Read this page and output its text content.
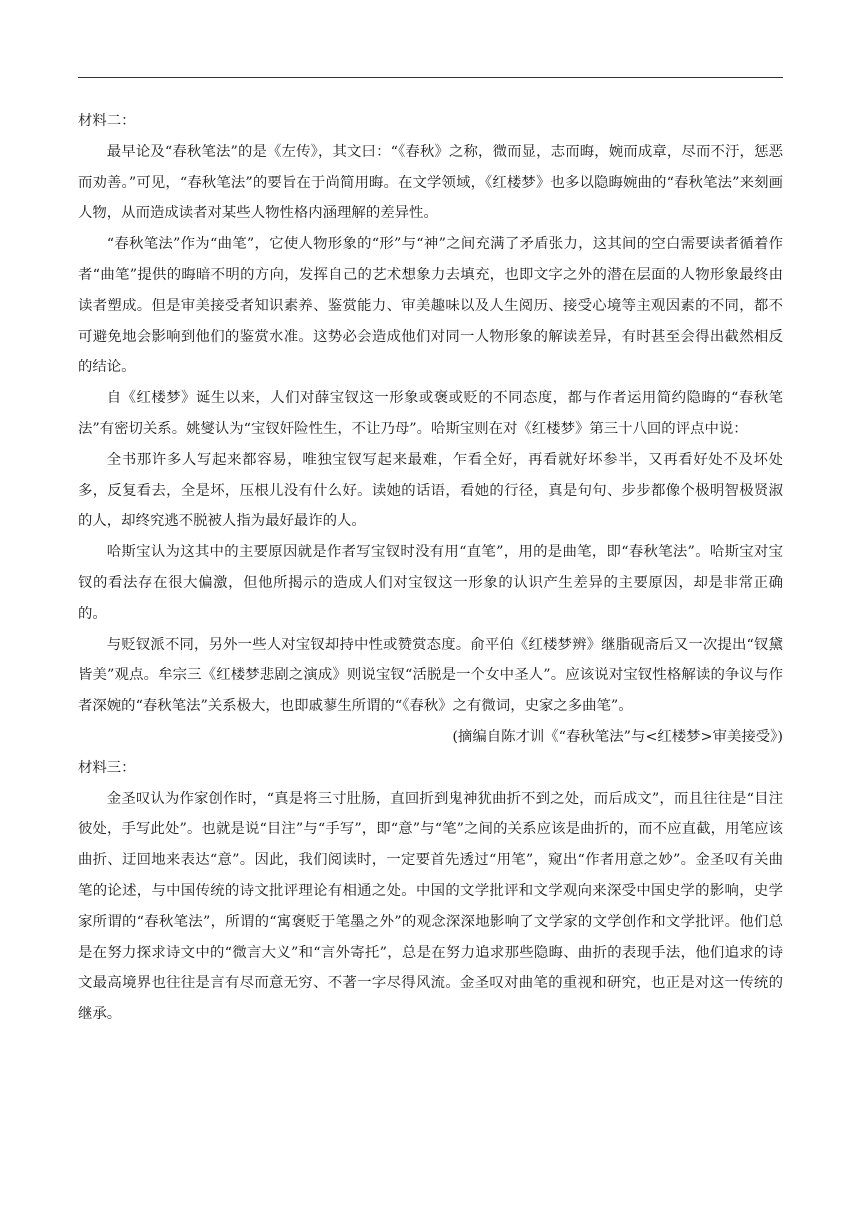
材料二：

最早论及“春秋笔法”的是《左传》，其文曰：“《春秋》之称，微而显，志而晦，婉而成章，尽而不汙，惩恶而劝善。”可见，“春秋笔法”的要旨在于尚简用晦。在文学领域，《红楼梦》也多以隐晦婉曲的“春秋笔法”来刻画人物，从而造成读者对某些人物性格内涵理解的差异性。

“春秋笔法”作为“曲笔”，它使人物形象的“形”与“神”之间充满了矛盾张力，这其间的空白需要读者循着作者“曲笔”提供的晦暗不明的方向，发挥自己的艺术想象力去填充，也即文字之外的潜在层面的人物形象最终由读者塑成。但是审美接受者知识素养、鉴赏能力、审美趣味以及人生阅历、接受心境等主观因素的不同，都不可避免地会影响到他们的鉴赏水准。这势必会造成他们对同一人物形象的解读差异，有时甚至会得出截然相反的结论。

自《红楼梦》诞生以来，人们对薛宝钗这一形象或褒或贬的不同态度，都与作者运用简约隐晦的“春秋笔法”有密切关系。姚燮认为“宝钗奸险性生，不让乃母”。哈斯宝则在对《红楼梦》第三十八回的评点中说：

全书那许多人写起来都容易，唯独宝钗写起来最难，乍看全好，再看就好坏参半，又再看好处不及坏处多，反复看去，全是坏，压根儿没有什么好。读她的话语，看她的行径，真是句句、步步都像个极明智极贤淑的人，却终究逃不脱被人指为最好最诈的人。

哈斯宝认为这其中的主要原因就是作者写宝钗时没有用“直笔”，用的是曲笔，即“春秋笔法”。哈斯宝对宝钗的看法存在很大偏激，但他所揭示的造成人们对宝钗这一形象的认识产生差异的主要原因，却是非常正确的。

与贬钗派不同，另外一些人对宝钗却持中性或赞赏态度。俞平伯《红楼梦辨》继脂砚斋后又一次提出“钗黛皆美”观点。牟宗三《红楼梦悲剧之演成》则说宝钗“活脱是一个女中圣人”。应该说对宝钗性格解读的争议与作者深婉的“春秋笔法”关系极大，也即戚蓼生所谓的“《春秋》之有微词，史家之多曲笔”。

(摘编自陈才训《“春秋笔法”与<红楼梦>审美接受》)

材料三：

金圣叹认为作家创作时，“真是将三寸肚肠，直回折到鬼神犹曲折不到之处，而后成文”，而且往往是“目注彼处，手写此处”。也就是说“目注”与“手写”，即“意”与“笔”之间的关系应该是曲折的，而不应直截，用笔应该曲折、迂回地来表达“意”。因此，我们阅读时，一定要首先透过“用笔”，窥出“作者用意之妙”。金圣叹有关曲笔的论述，与中国传统的诗文批评理论有相通之处。中国的文学批评和文学观向来深受中国史学的影响，史学家所谓的“春秋笔法”，所谓的“寓褒贬于笔墨之外”的观念深深地影响了文学家的文学创作和文学批评。他们总是在努力探求诗文中的“微言大义”和“言外寄托”，总是在努力追求那些隐晦、曲折的表现手法，他们追求的诗文最高境界也往往是言有尽而意无穷、不著一字尽得风流。金圣叹对曲笔的重视和研究，也正是对这一传统的继承。
